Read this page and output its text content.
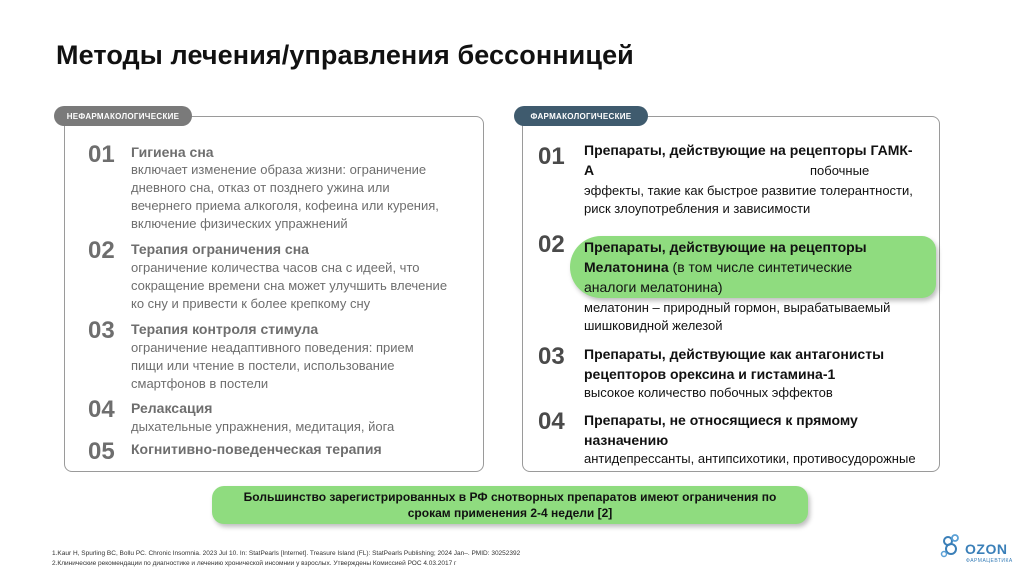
Методы лечения/управления бессонницей
НЕФАРМАКОЛОГИЧЕСКИЕ
01 Гигиена сна
включает изменение образа жизни: ограничение
дневного сна, отказ от позднего ужина или
вечернего приема алкоголя, кофеина или курения,
включение физических упражнений
02 Терапия ограничения сна
ограничение количества часов сна с идеей, что
сокращение времени сна может улучшить влечение
ко сну и привести к более крепкому сну
03 Терапия контроля стимула
ограничение неадаптивного поведения: прием
пищи или чтение в постели, использование
смартфонов в постели
04 Релаксация
дыхательные упражнения, медитация, йога
05 Когнитивно-поведенческая терапия
ФАРМАКОЛОГИЧЕСКИЕ
01 Препараты, действующие на рецепторы ГАМК-
А	побочные
эффекты, такие как быстрое развитие толерантности,
риск злоупотребления и зависимости
02 Препараты, действующие на рецепторы
Мелатонина (в том числе синтетические
аналоги мелатонина)
мелатонин – природный гормон, вырабатываемый
шишковидной железой
03 Препараты, действующие как антагонисты
рецепторов орексина и гистамина-1
высокое количество побочных эффектов
04 Препараты, не относящиеся к прямому
назначению
антидепрессанты, антипсихотики, противосудорожные
Большинство зарегистрированных в РФ снотворных препаратов имеют ограничения по срокам применения 2-4 недели [2]
1.Kaur H, Spurling BC, Bollu PC. Chronic Insomnia. 2023 Jul 10. In: StatPearls [Internet]. Treasure Island (FL): StatPearls Publishing; 2024 Jan–. PMID: 30252392
2.Клинические рекомендации по диагностике и лечению хронической инсомнии у взрослых. Утверждены Комиссией РОС 4.03.2017 г
OZON
ФАРМАЦЕВТИКА
